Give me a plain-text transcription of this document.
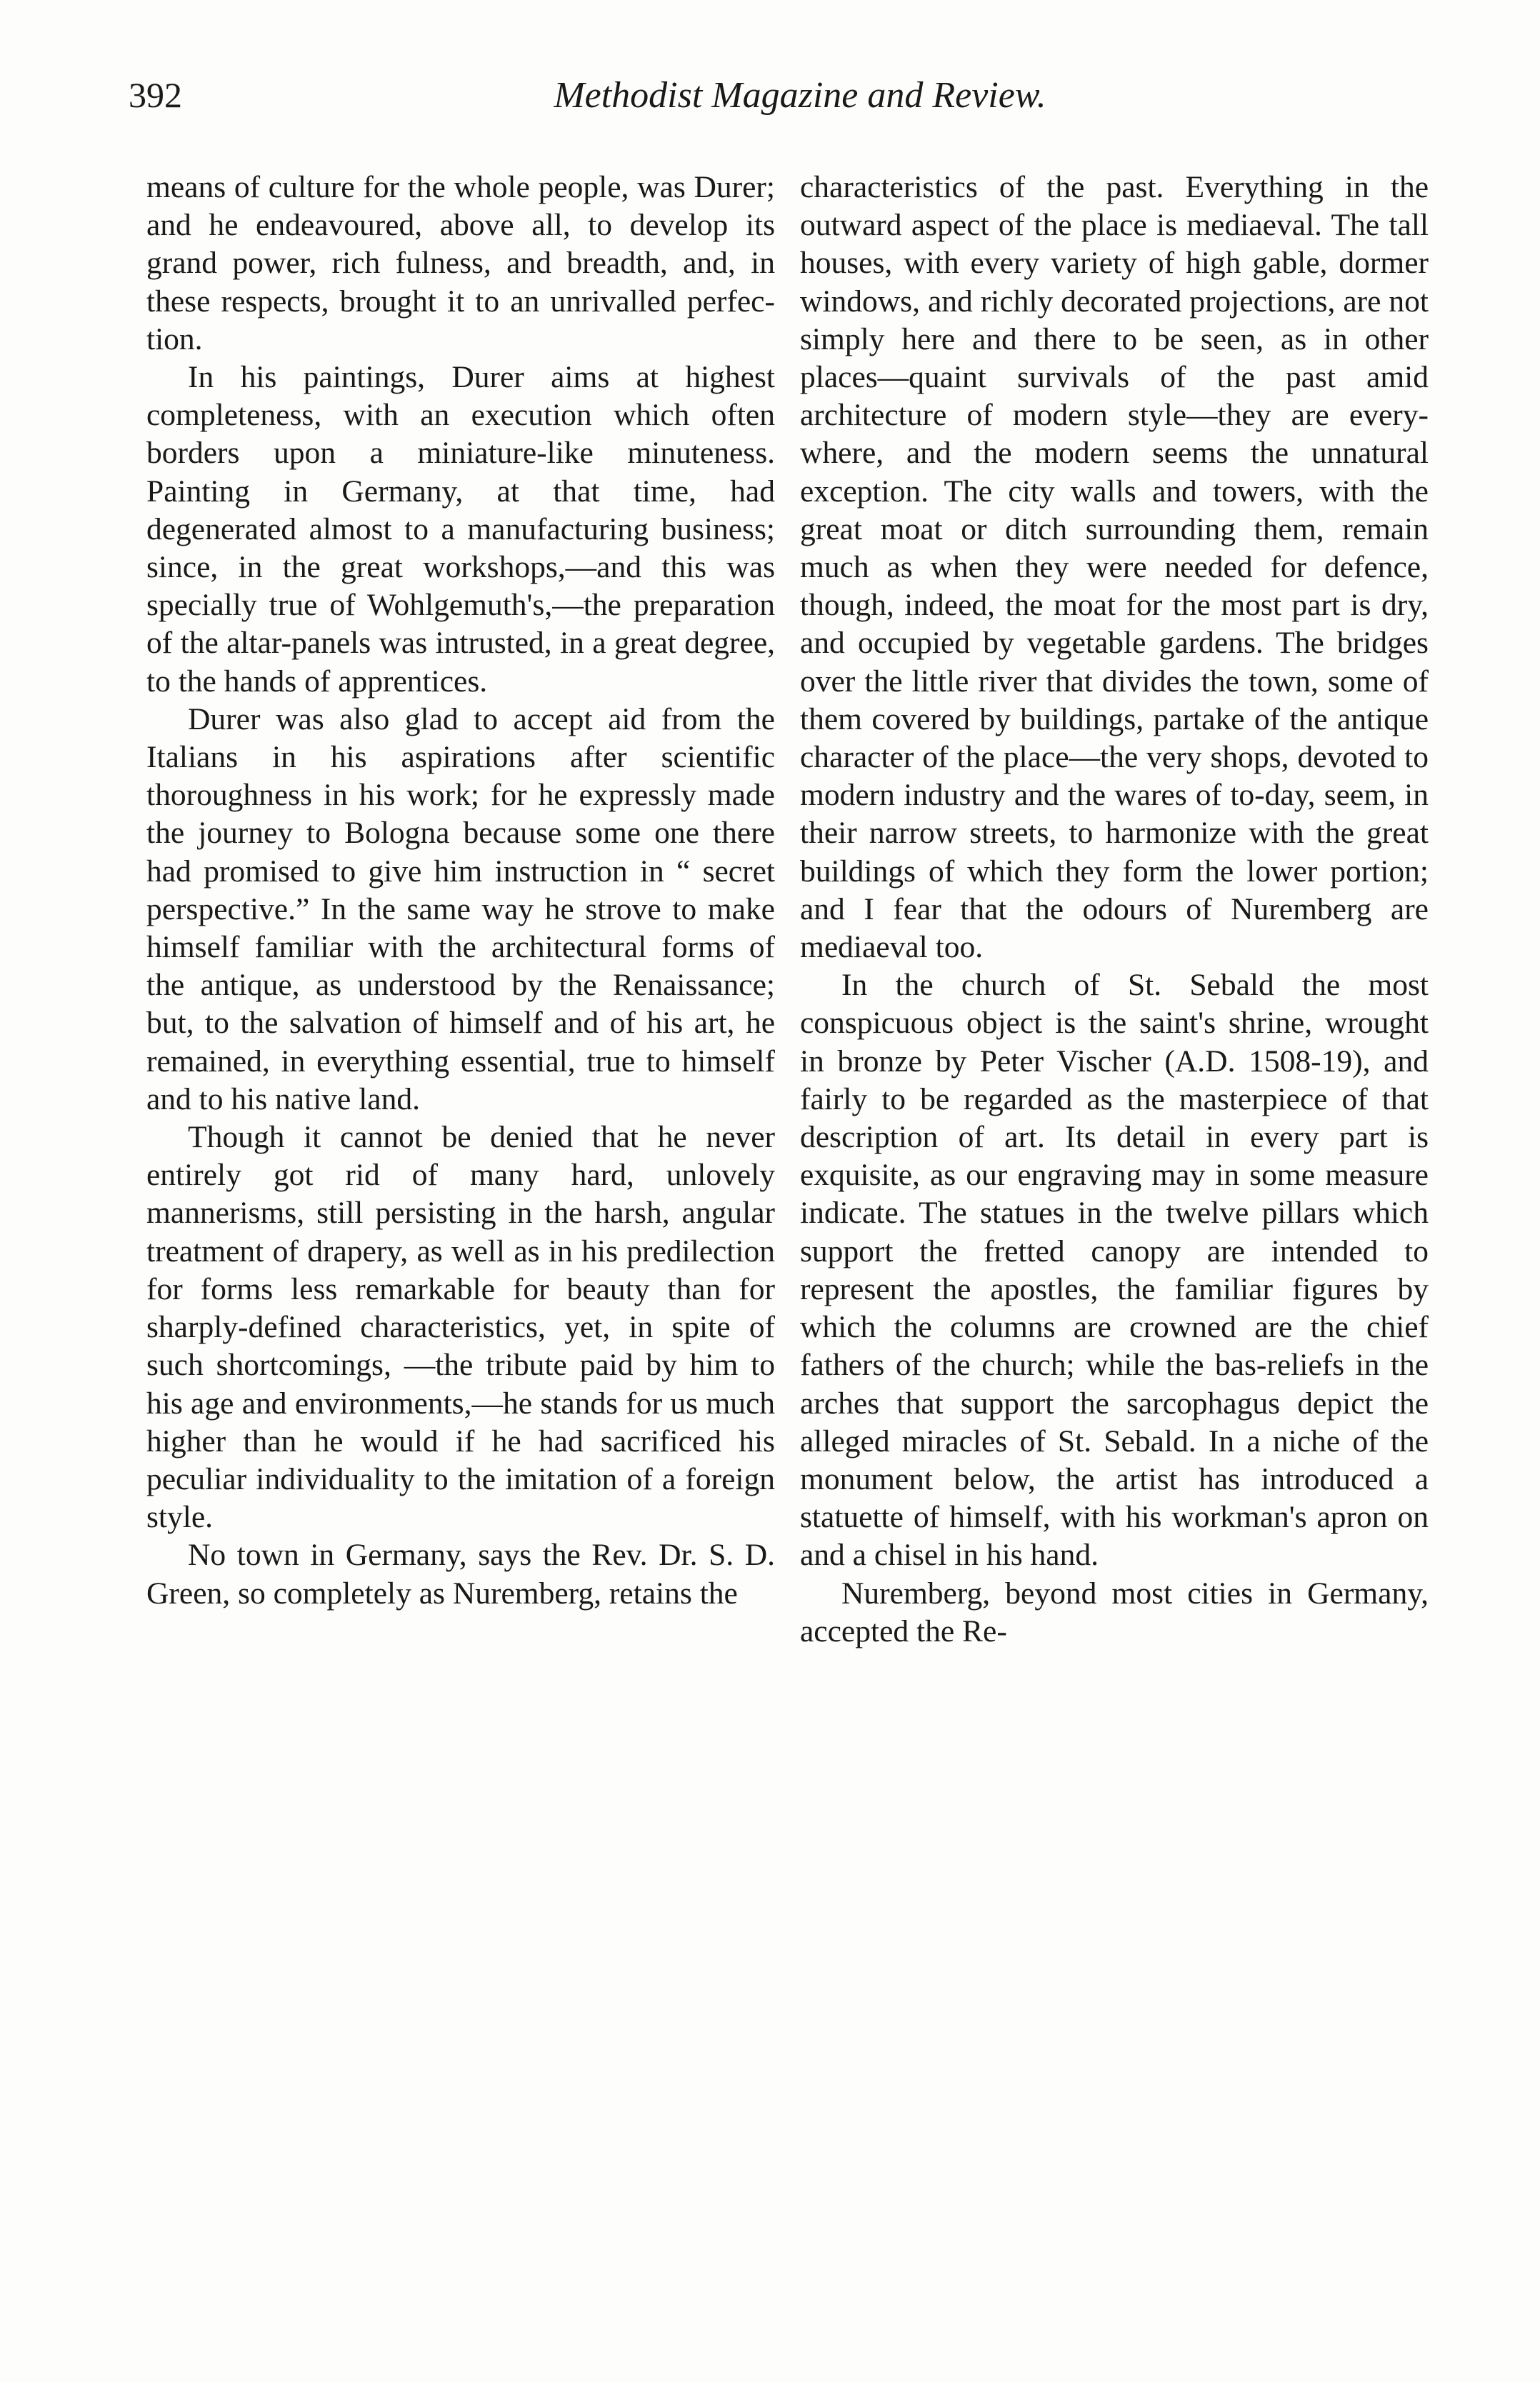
392	Methodist Magazine and Review.

means of culture for the whole people, was Durer; and he endeavoured, above all, to develop its grand power, rich fulness, and breadth, and, in these respects, brought it to an unrivalled perfection.

In his paintings, Durer aims at highest completeness, with an execution which often borders upon a miniature-like minuteness. Painting in Germany, at that time, had degenerated almost to a manufacturing business; since, in the great workshops,—and this was specially true of Wohlgemuth's,—the preparation of the altar-panels was intrusted, in a great degree, to the hands of apprentices.

Durer was also glad to accept aid from the Italians in his aspirations after scientific thoroughness in his work; for he expressly made the journey to Bologna because some one there had promised to give him instruction in “ secret perspective.” In the same way he strove to make himself familiar with the architectural forms of the antique, as understood by the Renaissance; but, to the salvation of himself and of his art, he remained, in everything essential, true to himself and to his native land.

Though it cannot be denied that he never entirely got rid of many hard, unlovely mannerisms, still persisting in the harsh, angular treatment of drapery, as well as in his predilection for forms less remarkable for beauty than for sharply-defined characteristics, yet, in spite of such shortcomings, —the tribute paid by him to his age and environments,—he stands for us much higher than he would if he had sacrificed his peculiar individuality to the imitation of a foreign style.

No town in Germany, says the Rev. Dr. S. D. Green, so completely as Nuremberg, retains the

characteristics of the past. Everything in the outward aspect of the place is mediaeval. The tall houses, with every variety of high gable, dormer windows, and richly decorated projections, are not simply here and there to be seen, as in other places—quaint survivals of the past amid architecture of modern style—they are everywhere, and the modern seems the unnatural exception. The city walls and towers, with the great moat or ditch surrounding them, remain much as when they were needed for defence, though, indeed, the moat for the most part is dry, and occupied by vegetable gardens. The bridges over the little river that divides the town, some of them covered by buildings, partake of the antique character of the place—the very shops, devoted to modern industry and the wares of to-day, seem, in their narrow streets, to harmonize with the great buildings of which they form the lower portion; and I fear that the odours of Nuremberg are mediaeval too.

In the church of St. Sebald the most conspicuous object is the saint's shrine, wrought in bronze by Peter Vischer (A.D. 1508-19), and fairly to be regarded as the masterpiece of that description of art. Its detail in every part is exquisite, as our engraving may in some measure indicate. The statues in the twelve pillars which support the fretted canopy are intended to represent the apostles, the familiar figures by which the columns are crowned are the chief fathers of the church; while the bas-reliefs in the arches that support the sarcophagus depict the alleged miracles of St. Sebald. In a niche of the monument below, the artist has introduced a statuette of himself, with his workman's apron on and a chisel in his hand.

Nuremberg, beyond most cities in Germany, accepted the Re-
